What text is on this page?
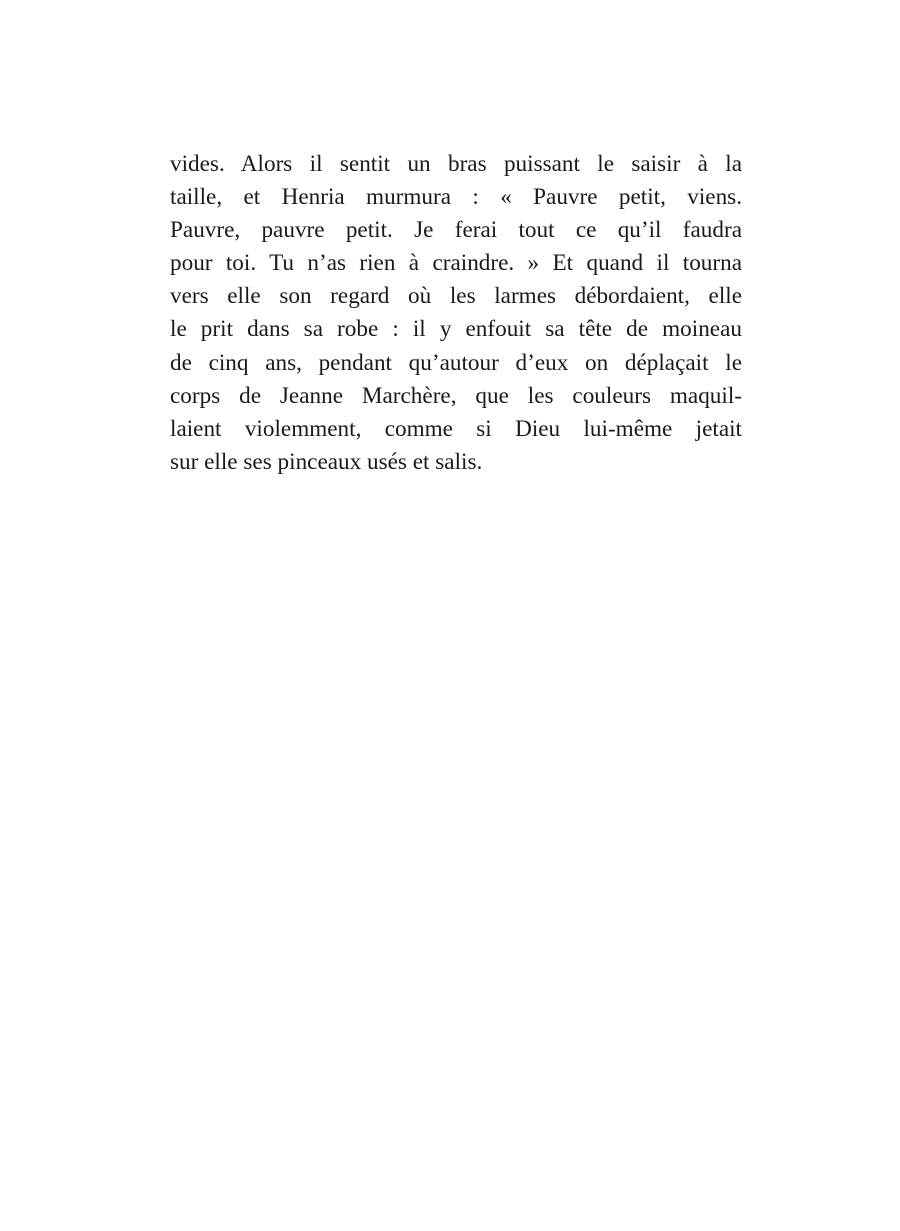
vides. Alors il sentit un bras puissant le saisir à la
taille, et Henria murmura : « Pauvre petit, viens.
Pauvre, pauvre petit. Je ferai tout ce qu’il faudra
pour toi. Tu n’as rien à craindre. » Et quand il tourna
vers elle son regard où les larmes débordaient, elle
le prit dans sa robe : il y enfouit sa tête de moineau
de cinq ans, pendant qu’autour d’eux on déplaçait le
corps de Jeanne Marchère, que les couleurs maquil-
laient violemment, comme si Dieu lui-même jetait
sur elle ses pinceaux usés et salis.
